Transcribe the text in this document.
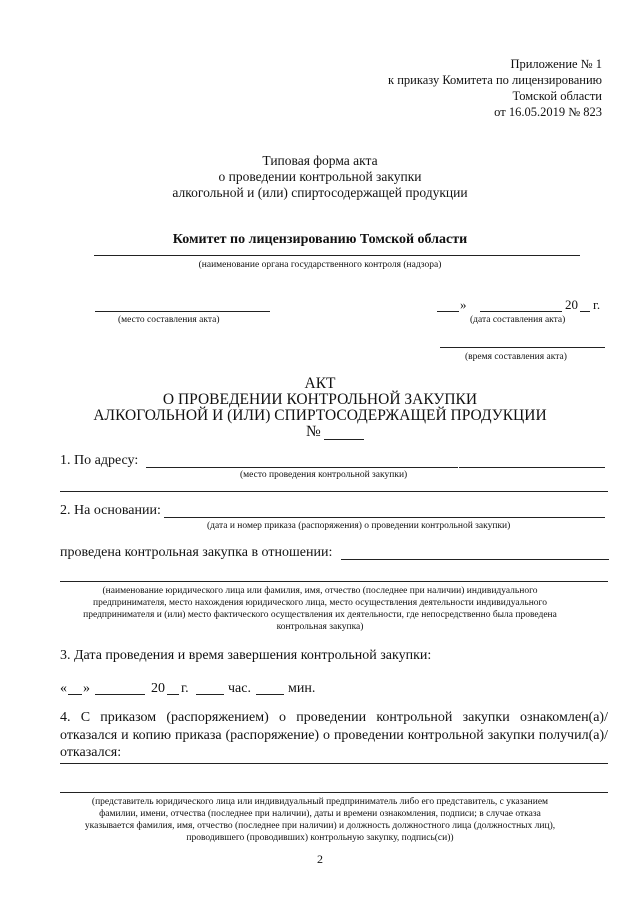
Приложение № 1
к приказу Комитета по лицензированию
Томской области
от 16.05.2019 № 823
Типовая форма акта
о проведении контрольной закупки
алкогольной и (или) спиртосодержащей продукции
Комитет по лицензированию Томской области
(наименование органа государственного контроля (надзора)
(место составления акта)
»	20 г.
(дата составления акта)
(время составления акта)
АКТ
О ПРОВЕДЕНИИ КОНТРОЛЬНОЙ ЗАКУПКИ
АЛКОГОЛЬНОЙ И (ИЛИ) СПИРТОСОДЕРЖАЩЕЙ ПРОДУКЦИИ
№
1. По адресу:
(место проведения контрольной закупки)
2. На основании:
(дата и номер приказа (распоряжения) о проведении контрольной закупки)
проведена контрольная закупка в отношении:
(наименование юридического лица или фамилия, имя, отчество (последнее при наличии) индивидуального
предпринимателя, место нахождения юридического лица, место осуществления деятельности индивидуального
предпринимателя и (или) место фактического осуществления их деятельности, где непосредственно была проведена
контрольная закупка)
3. Дата проведения и время завершения контрольной закупки:
« »	20 г.	час.	мин.
4. С приказом (распоряжением) о проведении контрольной закупки ознакомлен(а)/отказался и копию приказа (распоряжение) о проведении контрольной закупки получил(а)/отказался:
(представитель юридического лица или индивидуальный предприниматель либо его представитель, с указанием
фамилии, имени, отчества (последнее при наличии), даты и времени ознакомления, подписи; в случае отказа
указывается фамилия, имя, отчество (последнее при наличии) и должность должностного лица (должностных лиц),
проводившего (проводивших) контрольную закупку, подпись(си))
2
